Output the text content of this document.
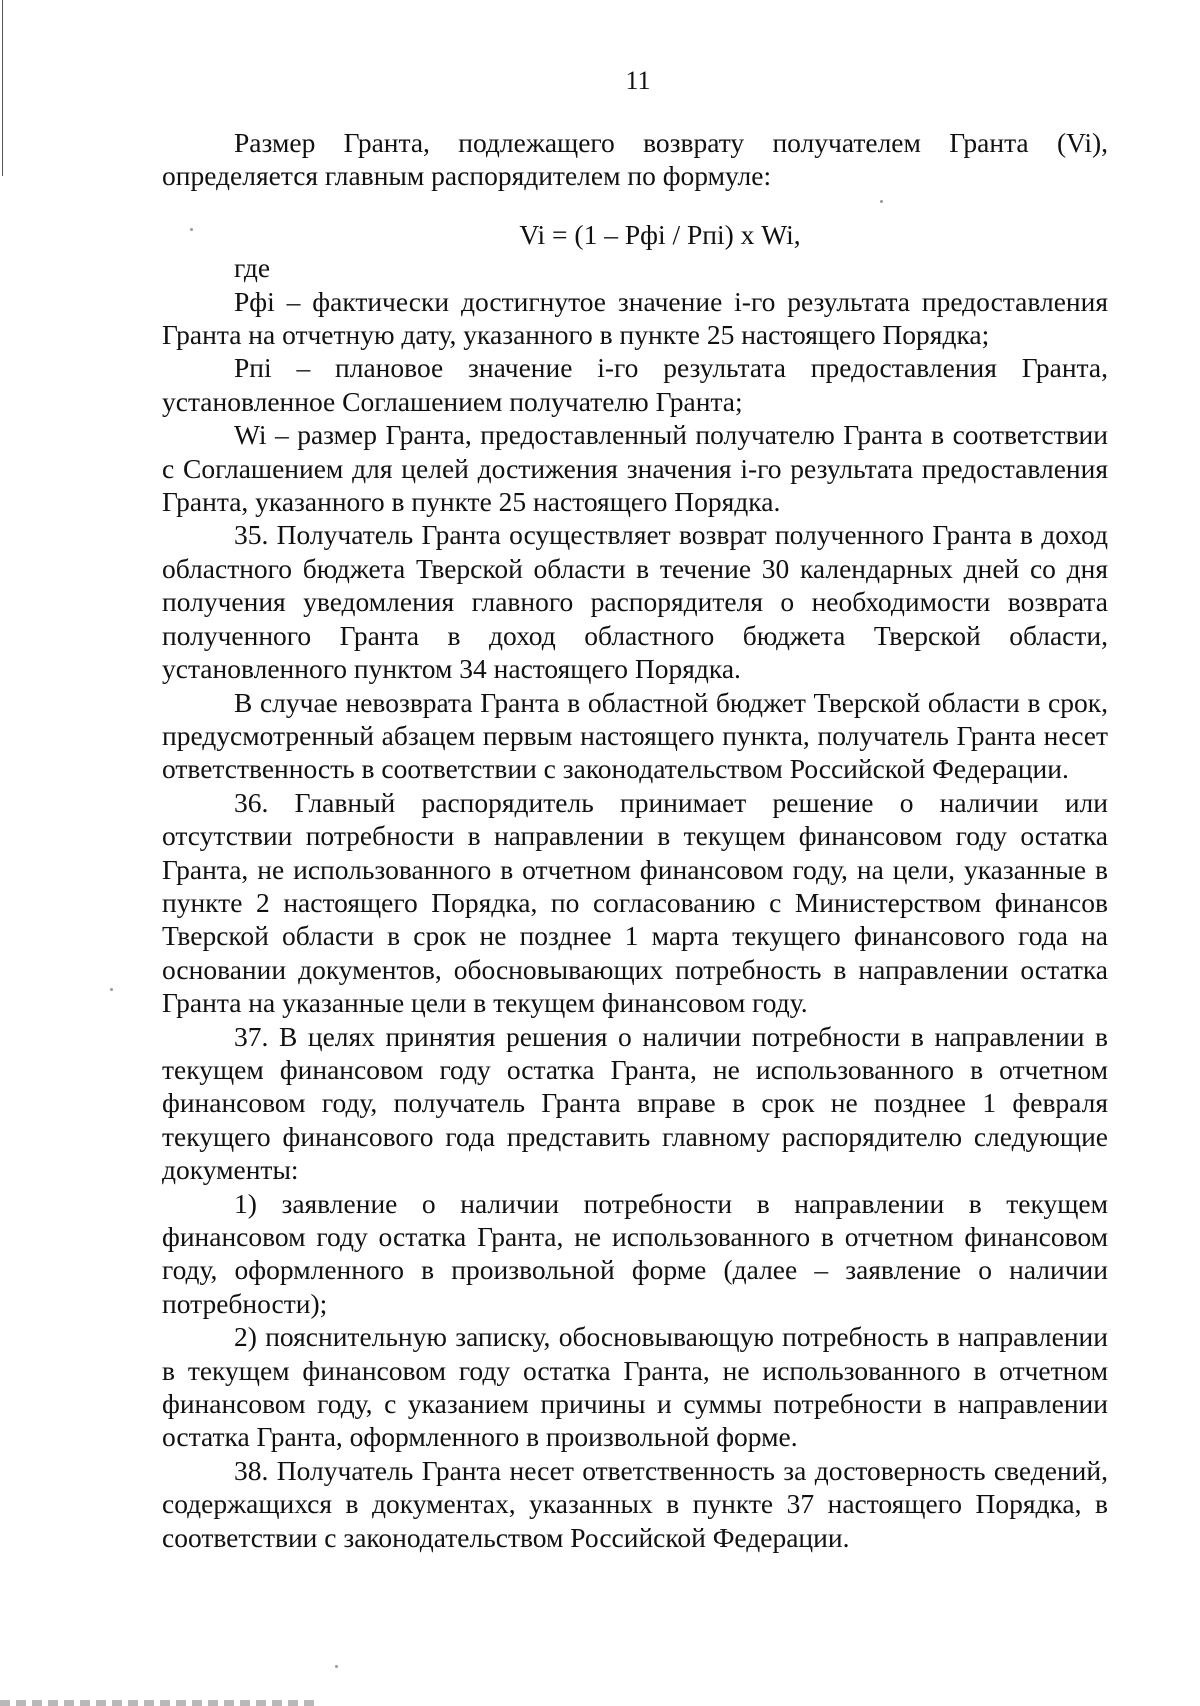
11

Размер Гранта, подлежащего возврату получателем Гранта (Vi), определяется главным распорядителем по формуле:

Vi = (1 – Рфi / Рпi) х Wi,

где

Рфi – фактически достигнутое значение i-го результата предоставления Гранта на отчетную дату, указанного в пункте 25 настоящего Порядка;

Рпi – плановое значение i-го результата предоставления Гранта, установленное Соглашением получателю Гранта;

Wi – размер Гранта, предоставленный получателю Гранта в соответствии с Соглашением для целей достижения значения i-го результата предоставления Гранта, указанного в пункте 25 настоящего Порядка.

35. Получатель Гранта осуществляет возврат полученного Гранта в доход областного бюджета Тверской области в течение 30 календарных дней со дня получения уведомления главного распорядителя о необходимости возврата полученного Гранта в доход областного бюджета Тверской области, установленного пунктом 34 настоящего Порядка.

В случае невозврата Гранта в областной бюджет Тверской области в срок, предусмотренный абзацем первым настоящего пункта, получатель Гранта несет ответственность в соответствии с законодательством Российской Федерации.

36. Главный распорядитель принимает решение о наличии или отсутствии потребности в направлении в текущем финансовом году остатка Гранта, не использованного в отчетном финансовом году, на цели, указанные в пункте 2 настоящего Порядка, по согласованию с Министерством финансов Тверской области в срок не позднее 1 марта текущего финансового года на основании документов, обосновывающих потребность в направлении остатка Гранта на указанные цели в текущем финансовом году.

37. В целях принятия решения о наличии потребности в направлении в текущем финансовом году остатка Гранта, не использованного в отчетном финансовом году, получатель Гранта вправе в срок не позднее 1 февраля текущего финансового года представить главному распорядителю следующие документы:

1) заявление о наличии потребности в направлении в текущем финансовом году остатка Гранта, не использованного в отчетном финансовом году, оформленного в произвольной форме (далее – заявление о наличии потребности);

2) пояснительную записку, обосновывающую потребность в направлении в текущем финансовом году остатка Гранта, не использованного в отчетном финансовом году, с указанием причины и суммы потребности в направлении остатка Гранта, оформленного в произвольной форме.

38. Получатель Гранта несет ответственность за достоверность сведений, содержащихся в документах, указанных в пункте 37 настоящего Порядка, в соответствии с законодательством Российской Федерации.
